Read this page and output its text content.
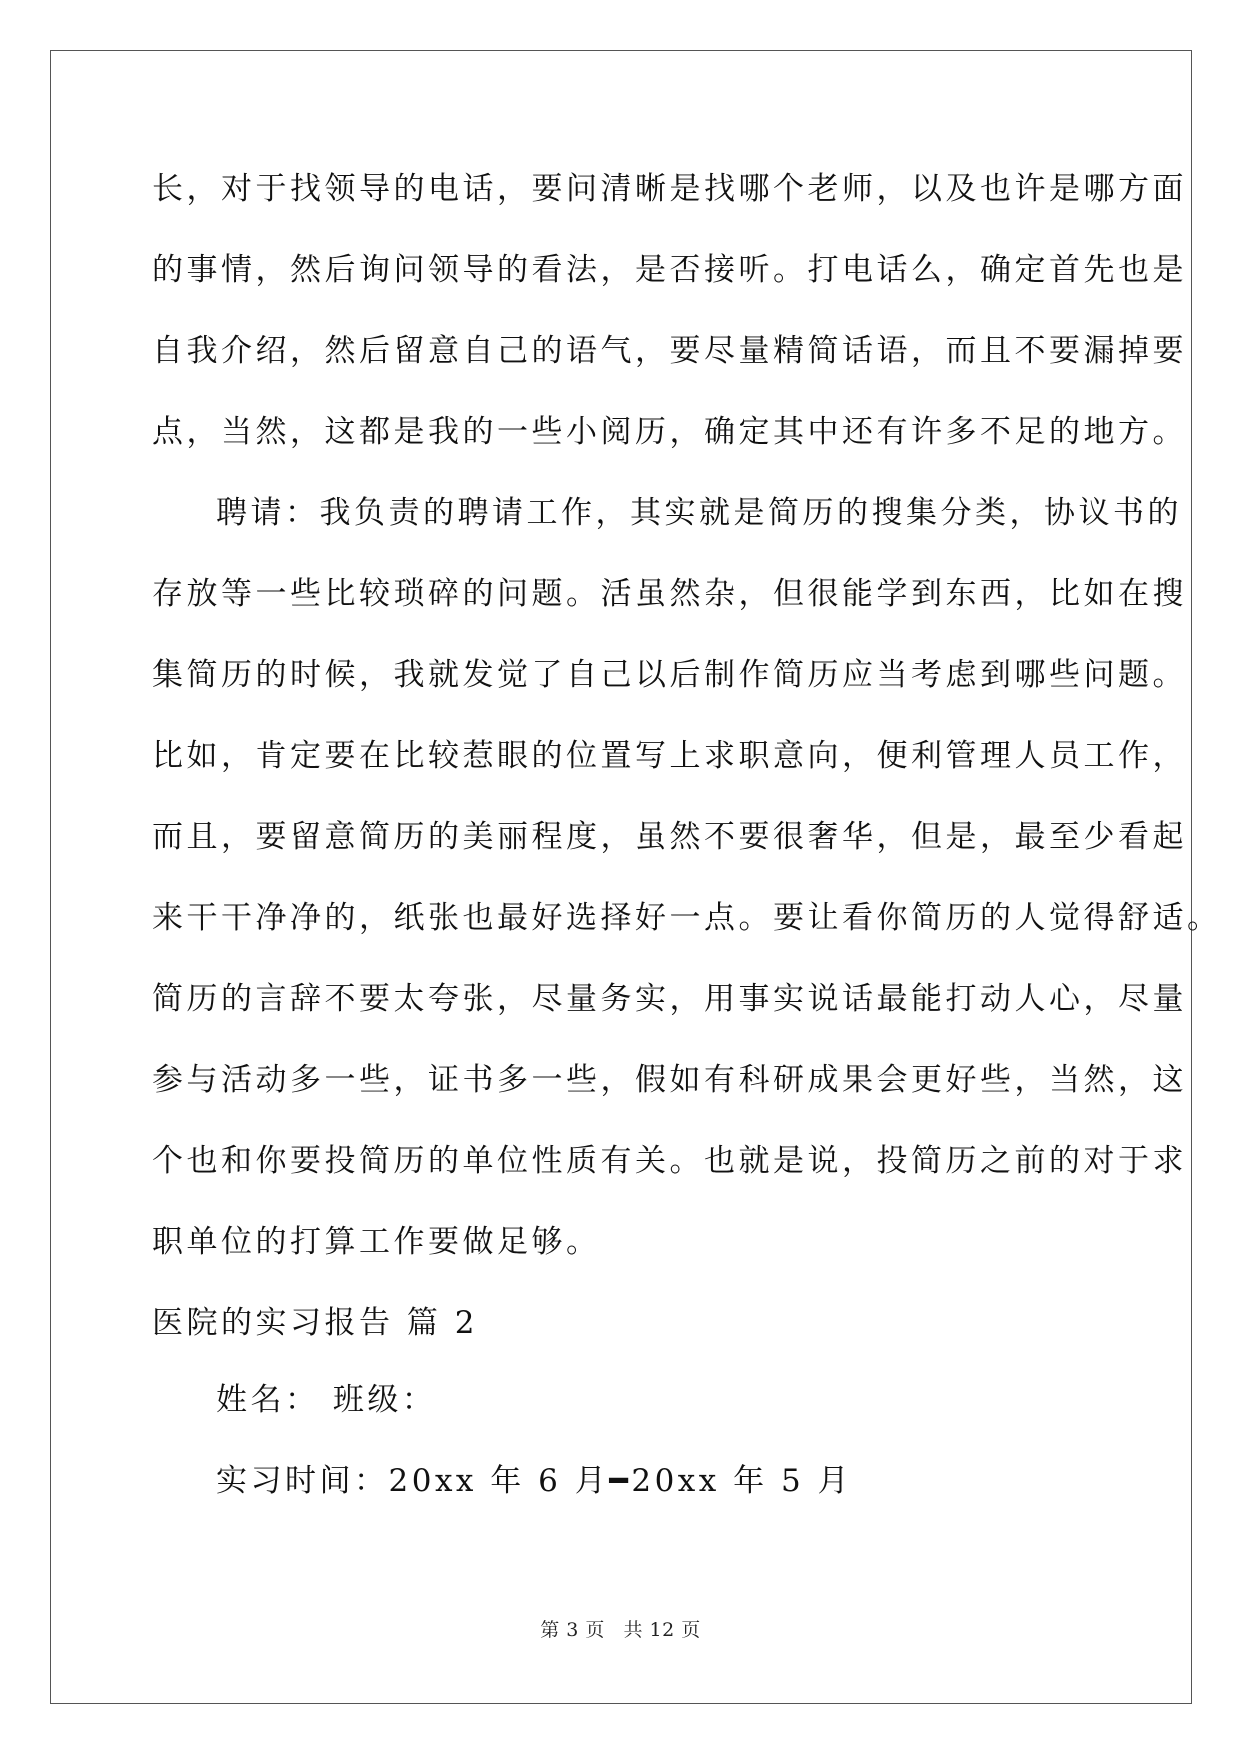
长，对于找领导的电话，要问清晰是找哪个老师，以及也许是哪方面
的事情，然后询问领导的看法，是否接听。打电话么，确定首先也是
自我介绍，然后留意自己的语气，要尽量精简话语，而且不要漏掉要
点，当然，这都是我的一些小阅历，确定其中还有许多不足的地方。
聘请：我负责的聘请工作，其实就是简历的搜集分类，协议书的
存放等一些比较琐碎的问题。活虽然杂，但很能学到东西，比如在搜
集简历的时候，我就发觉了自己以后制作简历应当考虑到哪些问题。
比如，肯定要在比较惹眼的位置写上求职意向，便利管理人员工作，
而且，要留意简历的美丽程度，虽然不要很奢华，但是，最至少看起
来干干净净的，纸张也最好选择好一点。要让看你简历的人觉得舒适。
简历的言辞不要太夸张，尽量务实，用事实说话最能打动人心，尽量
参与活动多一些，证书多一些，假如有科研成果会更好些，当然，这
个也和你要投简历的单位性质有关。也就是说，投简历之前的对于求
职单位的打算工作要做足够。
医院的实习报告 篇 2
姓名： 班级：
实习时间：20xx 年 6 月━20xx 年 5 月
第 3 页 共 12 页
